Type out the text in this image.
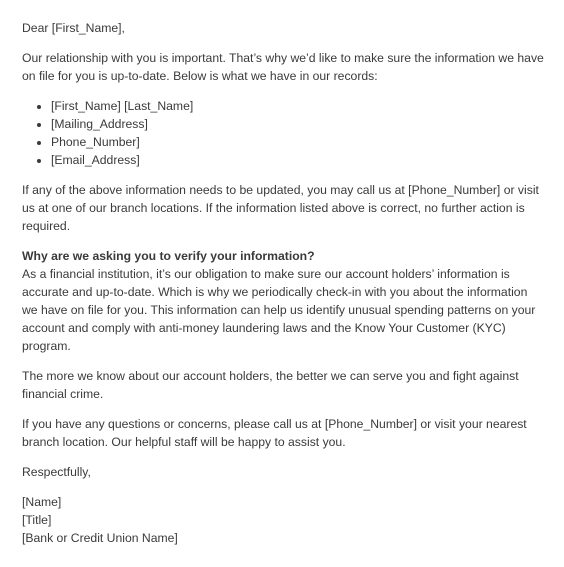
Dear [First_Name],

Our relationship with you is important. That’s why we’d like to make sure the information we have on file for you is up-to-date. Below is what we have in our records:

• [First_Name] [Last_Name]
• [Mailing_Address]
• Phone_Number]
• [Email_Address]

If any of the above information needs to be updated, you may call us at [Phone_Number] or visit us at one of our branch locations. If the information listed above is correct, no further action is required.

Why are we asking you to verify your information?
As a financial institution, it’s our obligation to make sure our account holders’ information is accurate and up-to-date. Which is why we periodically check-in with you about the information we have on file for you. This information can help us identify unusual spending patterns on your account and comply with anti-money laundering laws and the Know Your Customer (KYC) program.

The more we know about our account holders, the better we can serve you and fight against financial crime.

If you have any questions or concerns, please call us at [Phone_Number] or visit your nearest branch location. Our helpful staff will be happy to assist you.

Respectfully,

[Name]
[Title]
[Bank or Credit Union Name]
